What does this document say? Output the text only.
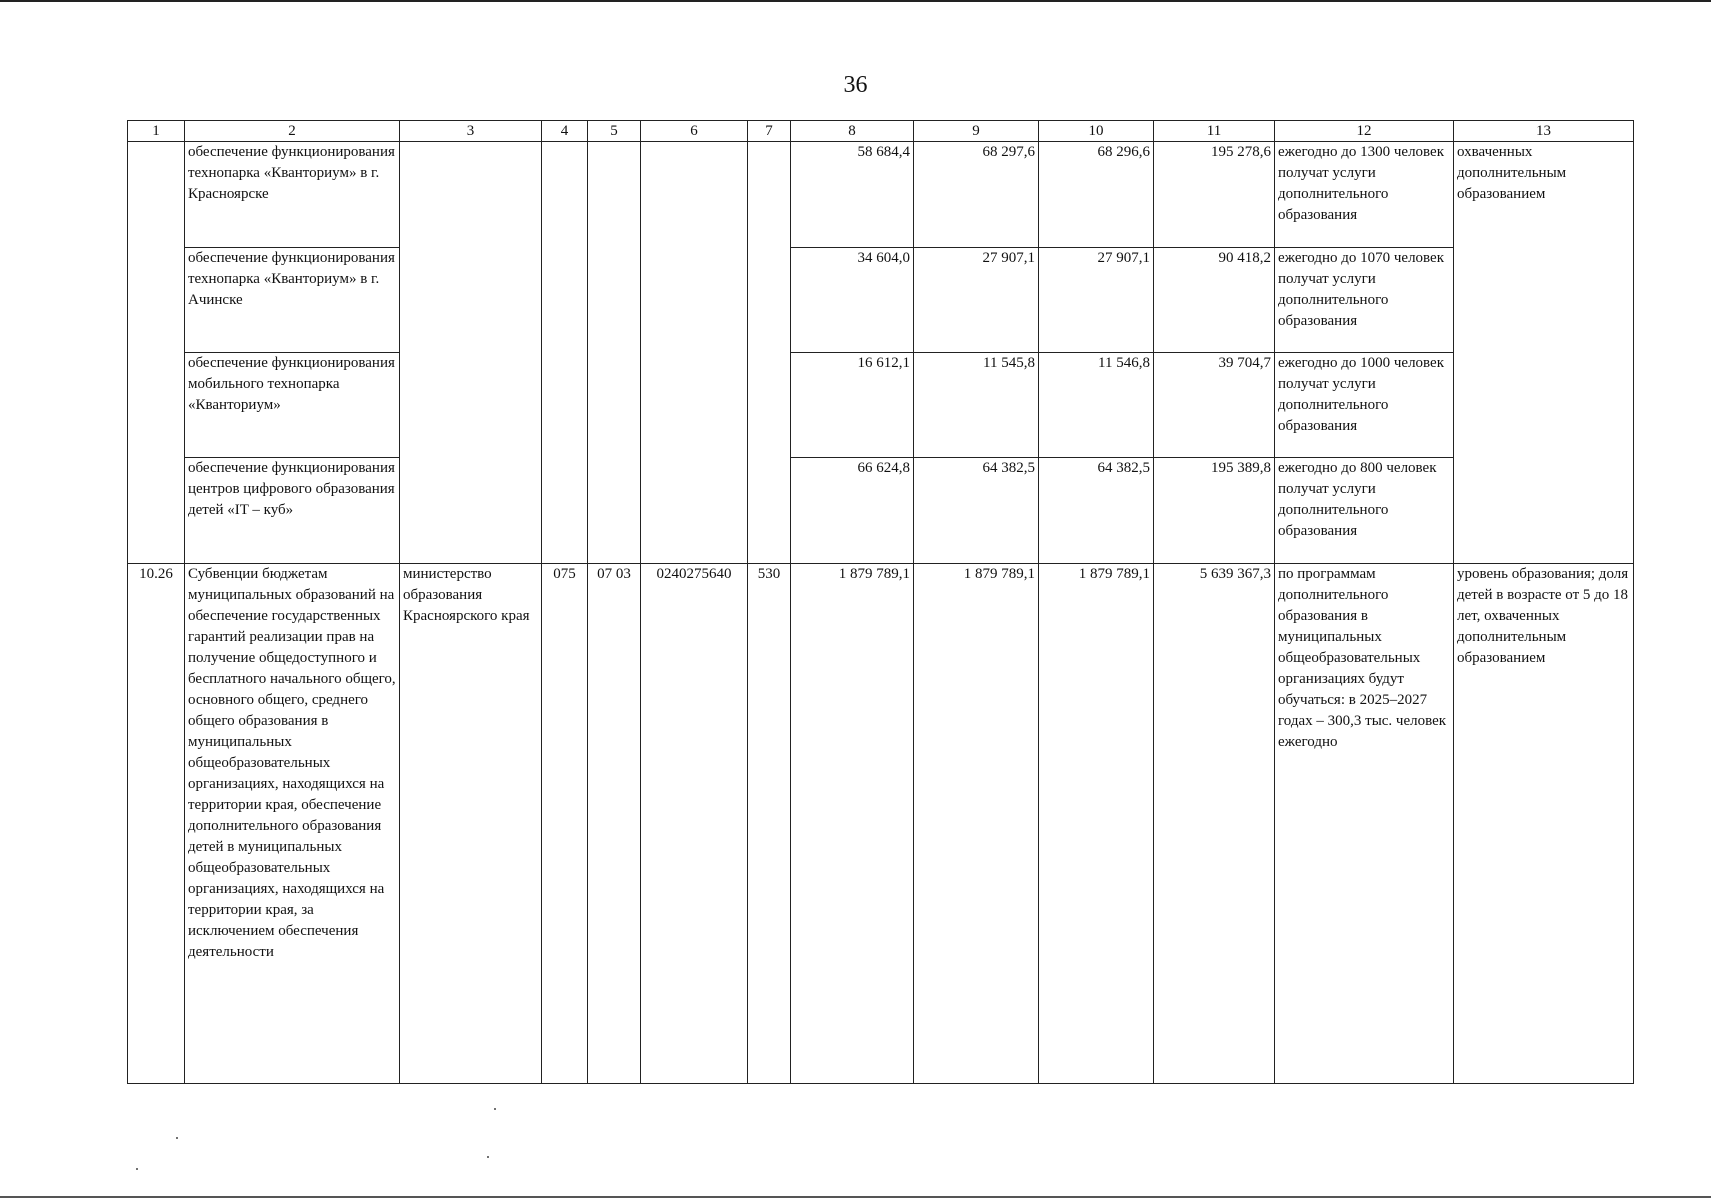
36
1	2	3	4	5	6	7	8	9	10	11	12	13
	обеспечение функционирования технопарка «Кванториум» в г. Красноярске						58 684,4	68 297,6	68 296,6	195 278,6	ежегодно до 1300 человек получат услуги дополнительного образования	охваченных дополнительным образованием
	обеспечение функционирования технопарка «Кванториум» в г. Ачинске						34 604,0	27 907,1	27 907,1	90 418,2	ежегодно до 1070 человек получат услуги дополнительного образования	
	обеспечение функционирования мобильного технопарка «Кванториум»						16 612,1	11 545,8	11 546,8	39 704,7	ежегодно до 1000 человек получат услуги дополнительного образования	
	обеспечение функционирования центров цифрового образования детей «IT – куб»						66 624,8	64 382,5	64 382,5	195 389,8	ежегодно до 800 человек получат услуги дополнительного образования	
10.26	Субвенции бюджетам муниципальных образований на обеспечение государственных гарантий реализации прав на получение общедоступного и бесплатного начального общего, основного общего, среднего общего образования в муниципальных общеобразовательных организациях, находящихся на территории края, обеспечение дополнительного образования детей в муниципальных общеобразовательных организациях, находящихся на территории края, за исключением обеспечения деятельности	министерство образования Красноярского края	075	07 03	0240275640	530	1 879 789,1	1 879 789,1	1 879 789,1	5 639 367,3	по программам дополнительного образования в муниципальных общеобразовательных организациях будут обучаться: в 2025–2027 годах – 300,3 тыс. человек ежегодно	уровень образования; доля детей в возрасте от 5 до 18 лет, охваченных дополнительным образованием
